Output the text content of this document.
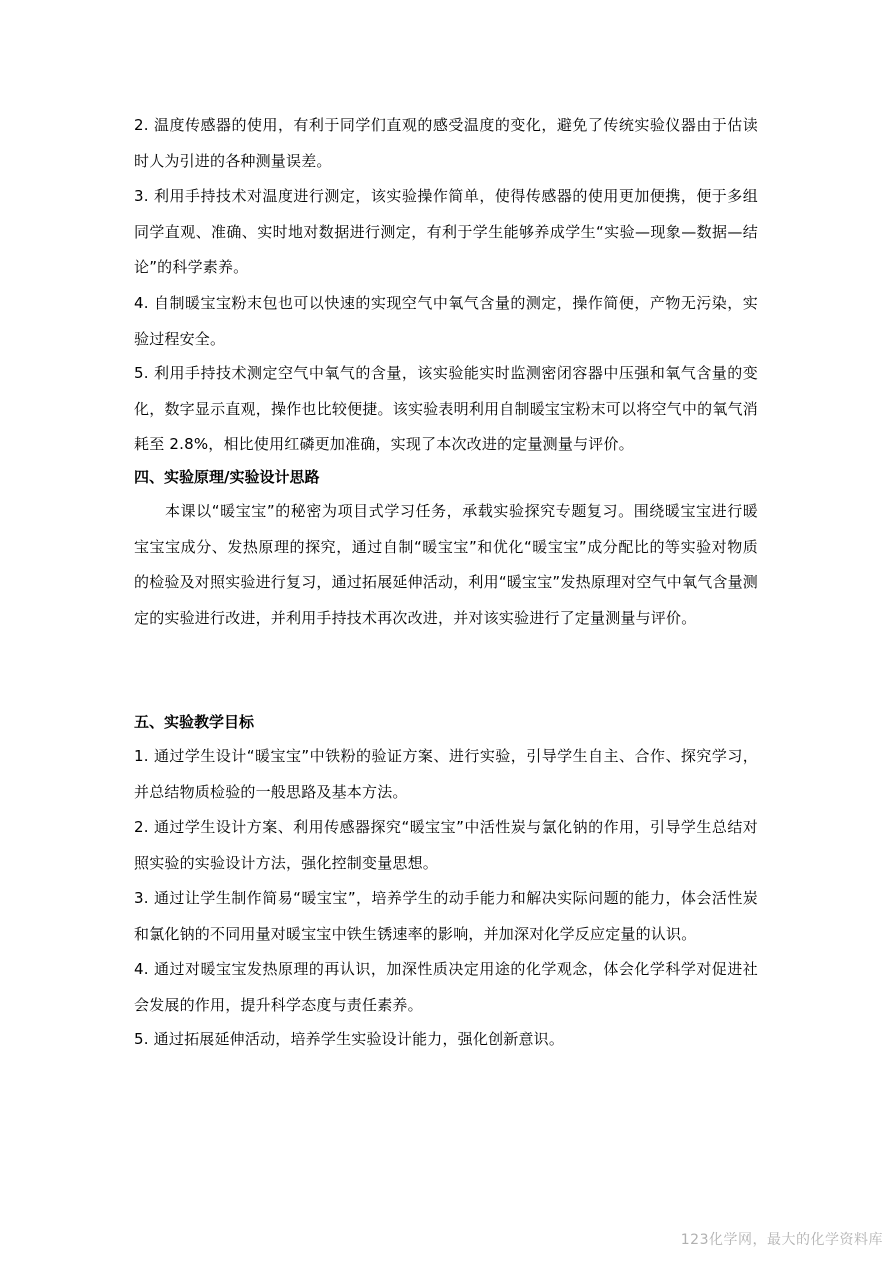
2. 温度传感器的使用，有利于同学们直观的感受温度的变化，避免了传统实验仪器由于估读时人为引进的各种测量误差。

3. 利用手持技术对温度进行测定，该实验操作简单，使得传感器的使用更加便携，便于多组同学直观、准确、实时地对数据进行测定，有利于学生能够养成学生“实验—现象—数据—结论”的科学素养。

4. 自制暖宝宝粉末包也可以快速的实现空气中氧气含量的测定，操作简便，产物无污染，实验过程安全。

5. 利用手持技术测定空气中氧气的含量，该实验能实时监测密闭容器中压强和氧气含量的变化，数字显示直观，操作也比较便捷。该实验表明利用自制暖宝宝粉末可以将空气中的氧气消耗至 2.8%，相比使用红磷更加准确，实现了本次改进的定量测量与评价。

四、实验原理/实验设计思路

本课以“暖宝宝”的秘密为项目式学习任务，承载实验探究专题复习。围绕暖宝宝进行暖宝宝宝成分、发热原理的探究，通过自制“暖宝宝”和优化“暖宝宝”成分配比的等实验对物质的检验及对照实验进行复习，通过拓展延伸活动，利用“暖宝宝”发热原理对空气中氧气含量测定的实验进行改进，并利用手持技术再次改进，并对该实验进行了定量测量与评价。

五、实验教学目标

1. 通过学生设计“暖宝宝”中铁粉的验证方案、进行实验，引导学生自主、合作、探究学习，并总结物质检验的一般思路及基本方法。

2. 通过学生设计方案、利用传感器探究“暖宝宝”中活性炭与氯化钠的作用，引导学生总结对照实验的实验设计方法，强化控制变量思想。

3. 通过让学生制作简易“暖宝宝”，培养学生的动手能力和解决实际问题的能力，体会活性炭和氯化钠的不同用量对暖宝宝中铁生锈速率的影响，并加深对化学反应定量的认识。

4. 通过对暖宝宝发热原理的再认识，加深性质决定用途的化学观念，体会化学科学对促进社会发展的作用，提升科学态度与责任素养。

5. 通过拓展延伸活动，培养学生实验设计能力，强化创新意识。

123化学网，最大的化学资料库
